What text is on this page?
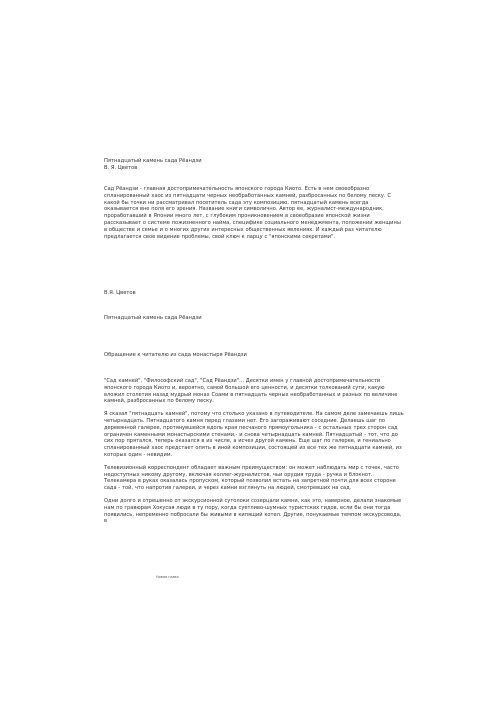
Пятнадцатый камень сада Рёандзи
В. Я. Цветов

Сад Рёандзи - главная достопримечательность японского города Киото. Есть в нем своеобразно спланированный хаос из пятнадцати черных необработанных камней, разбросанных по белому песку. С какой бы точки ни рассматривал посетитель сада эту композицию, пятнадцатый камень всегда оказывается вне поля его зрения. Название книги символично. Автор ее, журналист-международник, проработавший в Японии много лет, с глубоким проникновением в своеобразие японской жизни рассказывает о системе пожизненного найма, специфике социального менеджмента, положении женщины в обществе и семье и о многих других интересных общественных явлениях. И каждый раз читателю предлагается свое видение проблемы, свой ключ к ларцу с "японскими секретами".

В.Я. Цветов
Пятнадцатый камень сада Рёандзи
Обращение к читателю из сада монастыря Рёандзи

"Сад камней", "Философский сад", "Сад Рёандзи"... Десятки имен у главной достопримечательности японского города Киото и, вероятно, самой большой его ценности, и десятки толкований сути, какую вложил столетия назад мудрый монах Соами в пятнадцать черных необработанных и разных по величине камней, разбросанных по белому песку.

Я сказал "пятнадцать камней", потому что столько указано в путеводителе. На самом деле замечаешь лишь четырнадцать. Пятнадцатого камня перед глазами нет. Его загораживают соседние. Делаешь шаг по деревянной галерее, протянувшейся вдоль края песчаного прямоугольника - с остальных трех сторон сад ограничен каменными монастырскими стенами,- и снова четырнадцать камней. Пятнадцатый - тот, что до сих пор прятался, теперь оказался в их числе, а исчез другой камень. Еще шаг по галерее, и гениально спланированный хаос предстает опять в иной композиции, состоящей из все тех же пятнадцати камней, из которых один - невидим.

Телевизионный корреспондент обладает важным преимуществом: он может наблюдать мир с точек, часто недоступных никому другому, включая коллег-журналистов, чьи орудия труда - ручка и блокнот. Телекамера в руках оказалась пропуском, который позволил встать на запретной почти для всех стороне сада - той, что напротив галереи, и через камни взглянуть на людей, смотревших на сад.

Одни долго и отрешенно от экскурсионной сутолоки созерцали камни, как это, наверное, делали знакомые нам по гравюрам Хокусая люди в ту пору, когда суетливо-шумных туристских гидов, если бы они тогда появились, непременно побросали бы живыми в кипящий котел. Другие, понукаемые темпом экскурсовода, в

Новая глава
